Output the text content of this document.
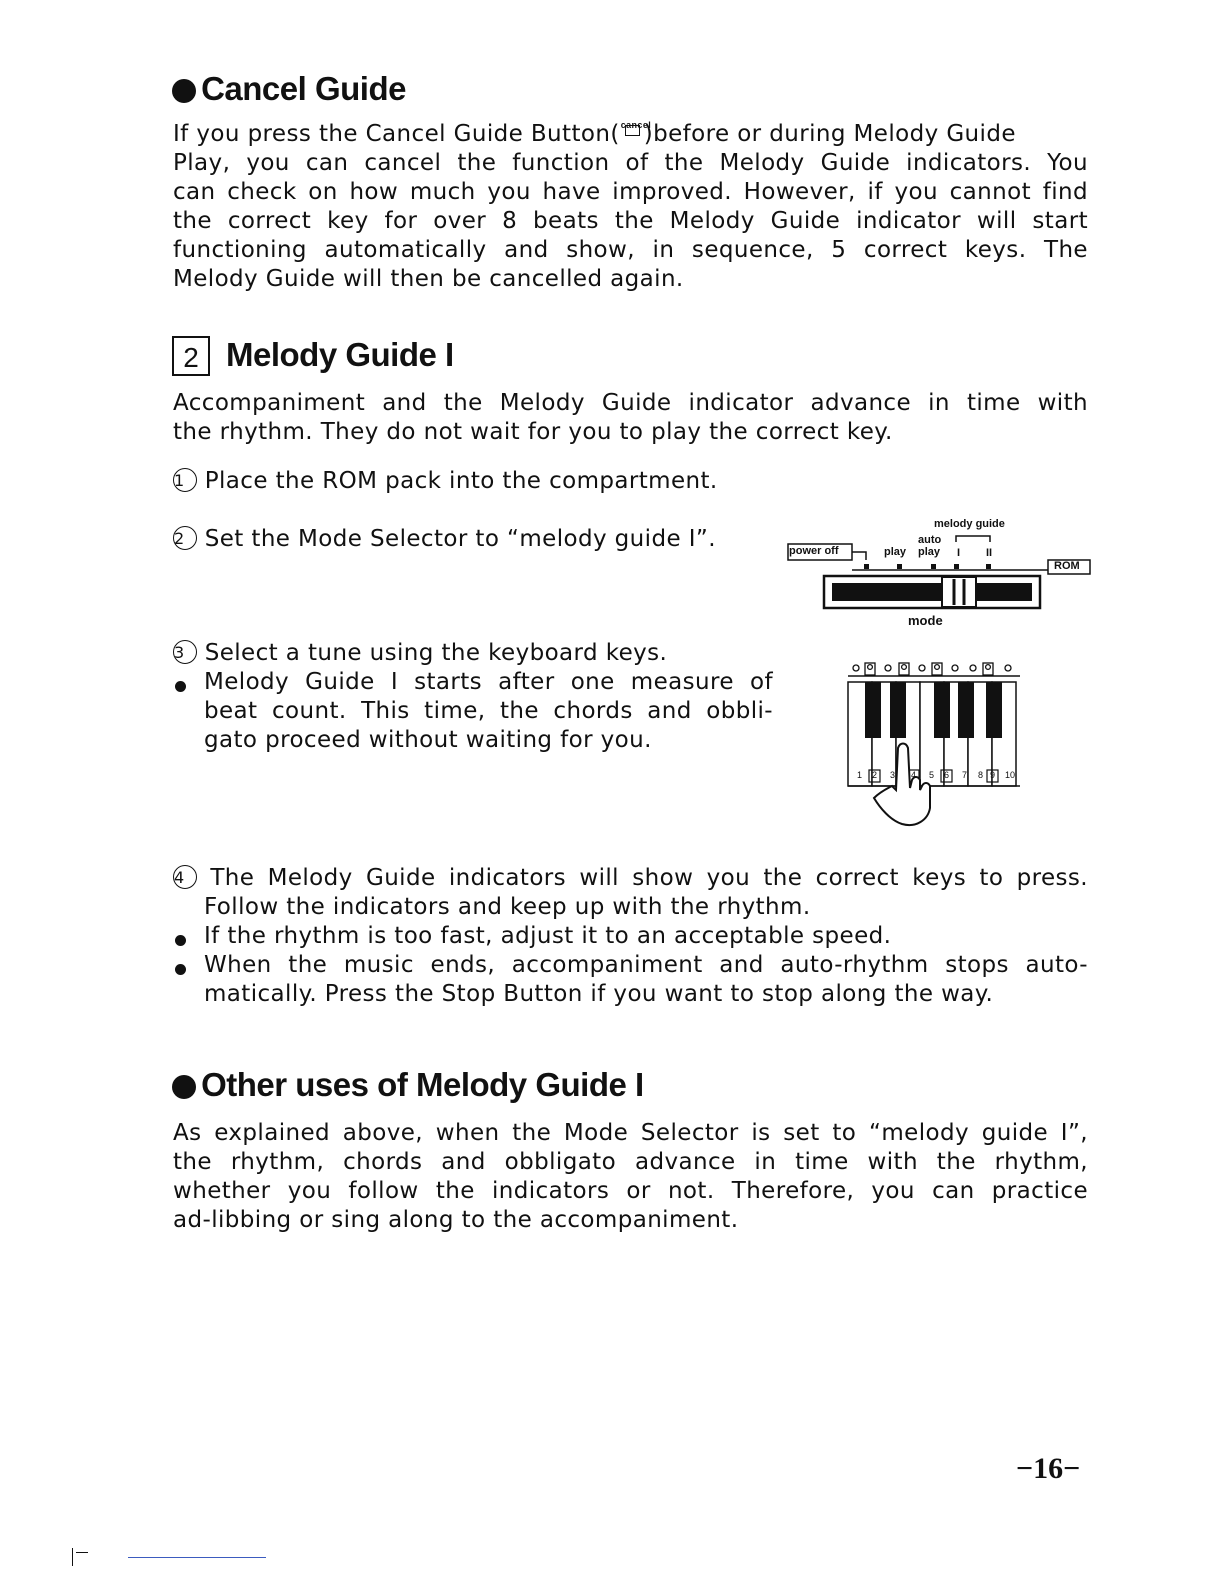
Cancel Guide
If you press the Cancel Guide Button( cancel
)before or during Melody Guide
Play, you can cancel the function of the Melody Guide indicators. You
can check on how much you have improved. However, if you cannot find
the correct key for over 8 beats the Melody Guide indicator will start
functioning automatically and show, in sequence, 5 correct keys. The
Melody Guide will then be cancelled again.
2 Melody Guide I
Accompaniment and the Melody Guide indicator advance in time with
the rhythm. They do not wait for you to play the correct key.
1 Place the ROM pack into the compartment.
2 Set the Mode Selector to “melody guide I”.
melody guide
auto
power off	play play I II
ROM
mode
3 Select a tune using the keyboard keys.
Melody Guide I starts after one measure of
beat count. This time, the chords and obbli-
gato proceed without waiting for you.
1 2 3 4 5 6 7 8 9 10
4 The Melody Guide indicators will show you the correct keys to press.
Follow the indicators and keep up with the rhythm.
If the rhythm is too fast, adjust it to an acceptable speed.
When the music ends, accompaniment and auto-rhythm stops auto-
matically. Press the Stop Button if you want to stop along the way.
Other uses of Melody Guide I
As explained above, when the Mode Selector is set to “melody guide I”,
the rhythm, chords and obbligato advance in time with the rhythm,
whether you follow the indicators or not. Therefore, you can practice
ad-libbing or sing along to the accompaniment.
−16−
